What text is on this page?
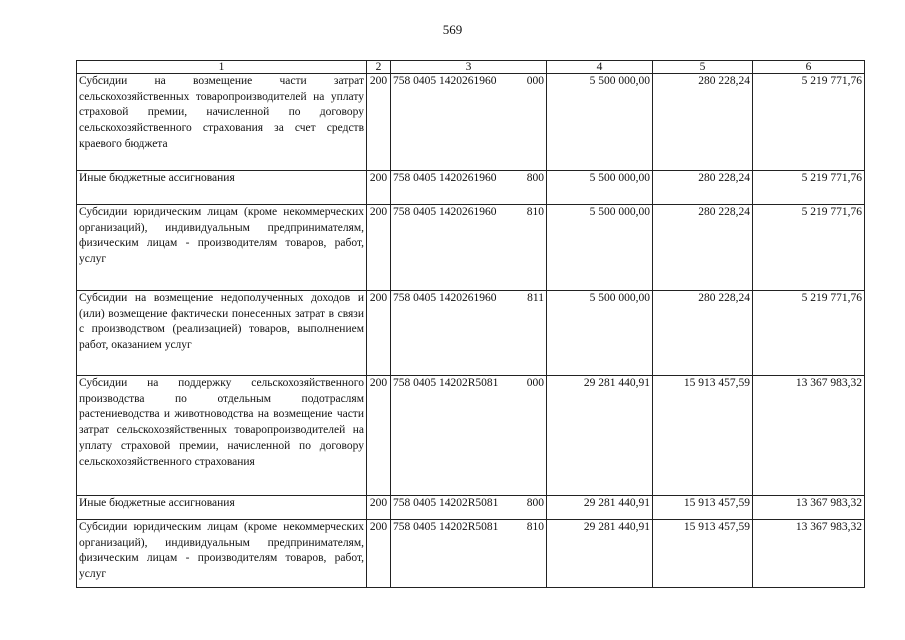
569
1	2	3	4	5	6
Субсидии на возмещение части затрат сельскохозяйственных товаропроизводителей на уплату страховой премии, начисленной по договору сельскохозяйственного страхования за счет средств краевого бюджета	200	758 0405 1420261960 000	5 500 000,00	280 228,24	5 219 771,76
Иные бюджетные ассигнования	200	758 0405 1420261960 800	5 500 000,00	280 228,24	5 219 771,76
Субсидии юридическим лицам (кроме некоммерческих организаций), индивидуальным предпринимателям, физическим лицам - производителям товаров, работ, услуг	200	758 0405 1420261960 810	5 500 000,00	280 228,24	5 219 771,76
Субсидии на возмещение недополученных доходов и (или) возмещение фактически понесенных затрат в связи с производством (реализацией) товаров, выполнением работ, оказанием услуг	200	758 0405 1420261960 811	5 500 000,00	280 228,24	5 219 771,76
Субсидии на поддержку сельскохозяйственного производства по отдельным подотраслям растениеводства и животноводства на возмещение части затрат сельскохозяйственных товаропроизводителей на уплату страховой премии, начисленной по договору сельскохозяйственного страхования	200	758 0405 14202R5081 000	29 281 440,91	15 913 457,59	13 367 983,32
Иные бюджетные ассигнования	200	758 0405 14202R5081 800	29 281 440,91	15 913 457,59	13 367 983,32
Субсидии юридическим лицам (кроме некоммерческих организаций), индивидуальным предпринимателям, физическим лицам - производителям товаров, работ, услуг	200	758 0405 14202R5081 810	29 281 440,91	15 913 457,59	13 367 983,32
